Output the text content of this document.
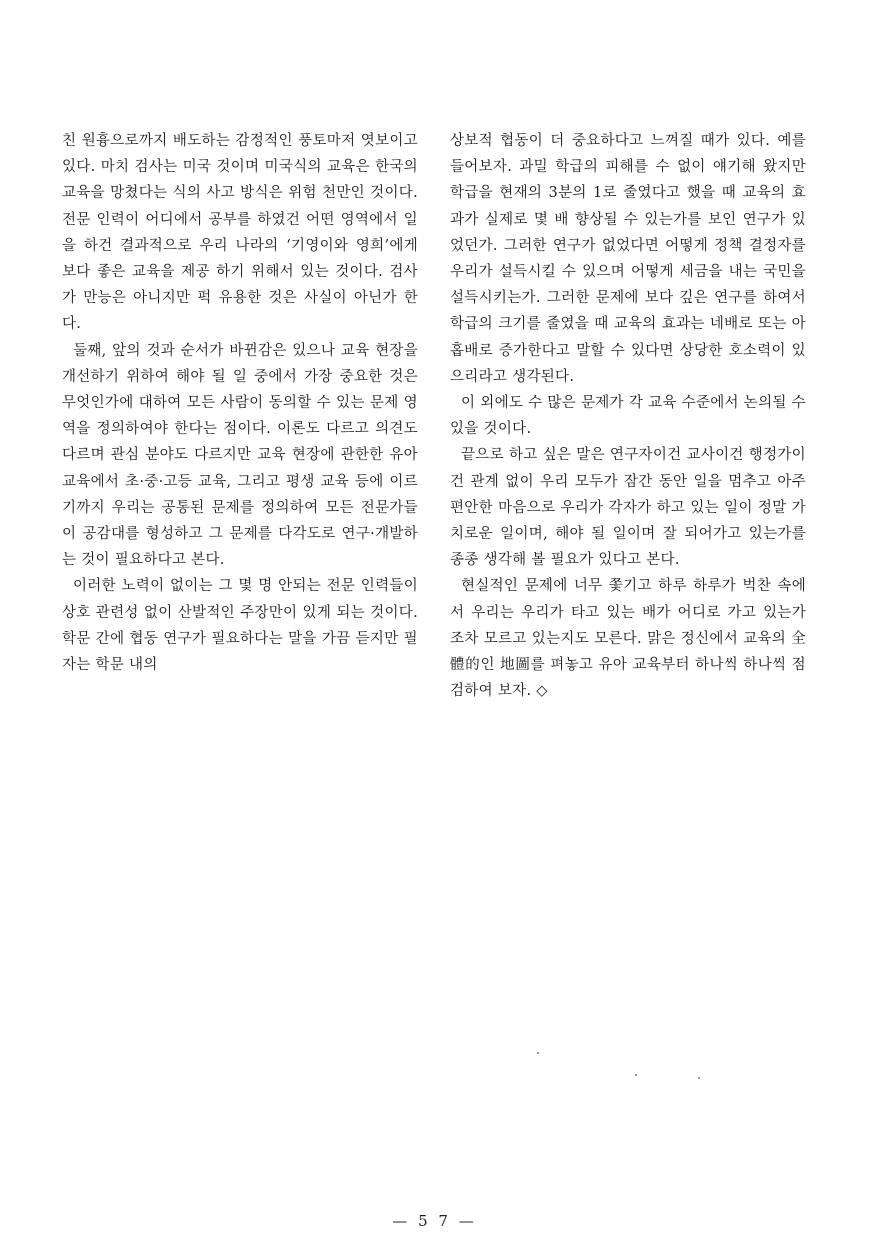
친 원흉으로까지 배도하는 감정적인 풍토마저 엿보이고 있다. 마치 검사는 미국 것이며 미국식의 교육은 한국의 교육을 망쳤다는 식의 사고 방식은 위험 천만인 것이다. 전문 인력이 어디에서 공부를 하였건 어떤 영역에서 일을 하건 결과적으로 우리 나라의 ‘기영이와 영희’에게 보다 좋은 교육을 제공 하기 위해서 있는 것이다. 검사가 만능은 아니지만 퍽 유용한 것은 사실이 아닌가 한다.

둘째, 앞의 것과 순서가 바뀐감은 있으나 교육 현장을 개선하기 위하여 해야 될 일 중에서 가장 중요한 것은 무엇인가에 대하여 모든 사람이 동의할 수 있는 문제 영역을 정의하여야 한다는 점이다. 이론도 다르고 의견도 다르며 관심 분야도 다르지만 교육 현장에 관한한 유아 교육에서 초·중·고등 교육, 그리고 평생 교육 등에 이르기까지 우리는 공통된 문제를 정의하여 모든 전문가들이 공감대를 형성하고 그 문제를 다각도로 연구·개발하는 것이 필요하다고 본다.

이러한 노력이 없이는 그 몇 명 안되는 전문 인력들이 상호 관련성 없이 산발적인 주장만이 있게 되는 것이다. 학문 간에 협동 연구가 필요하다는 말을 가끔 듣지만 필자는 학문 내의

상보적 협동이 더 중요하다고 느껴질 때가 있다. 예를 들어보자. 과밀 학급의 피해를 수 없이 얘기해 왔지만 학급을 현재의 3분의 1로 줄였다고 했을 때 교육의 효과가 실제로 몇 배 향상될 수 있는가를 보인 연구가 있었던가. 그러한 연구가 없었다면 어떻게 정책 결정자를 우리가 설득시킬 수 있으며 어떻게 세금을 내는 국민을 설득시키는가. 그러한 문제에 보다 깊은 연구를 하여서 학급의 크기를 줄였을 때 교육의 효과는 네배로 또는 아홉배로 증가한다고 말할 수 있다면 상당한 호소력이 있으리라고 생각된다.

이 외에도 수 많은 문제가 각 교육 수준에서 논의될 수 있을 것이다.

끝으로 하고 싶은 말은 연구자이건 교사이건 행정가이건 관계 없이 우리 모두가 잠간 동안 일을 멈추고 아주 편안한 마음으로 우리가 각자가 하고 있는 일이 정말 가치로운 일이며, 해야 될 일이며 잘 되어가고 있는가를 종종 생각해 볼 필요가 있다고 본다.

현실적인 문제에 너무 쫓기고 하루 하루가 벅찬 속에서 우리는 우리가 타고 있는 배가 어디로 가고 있는가 조차 모르고 있는지도 모른다. 맑은 정신에서 교육의 全體的인 地圖를 펴놓고 유아 교육부터 하나씩 하나씩 점검하여 보자. ◇

— 5 7 —
